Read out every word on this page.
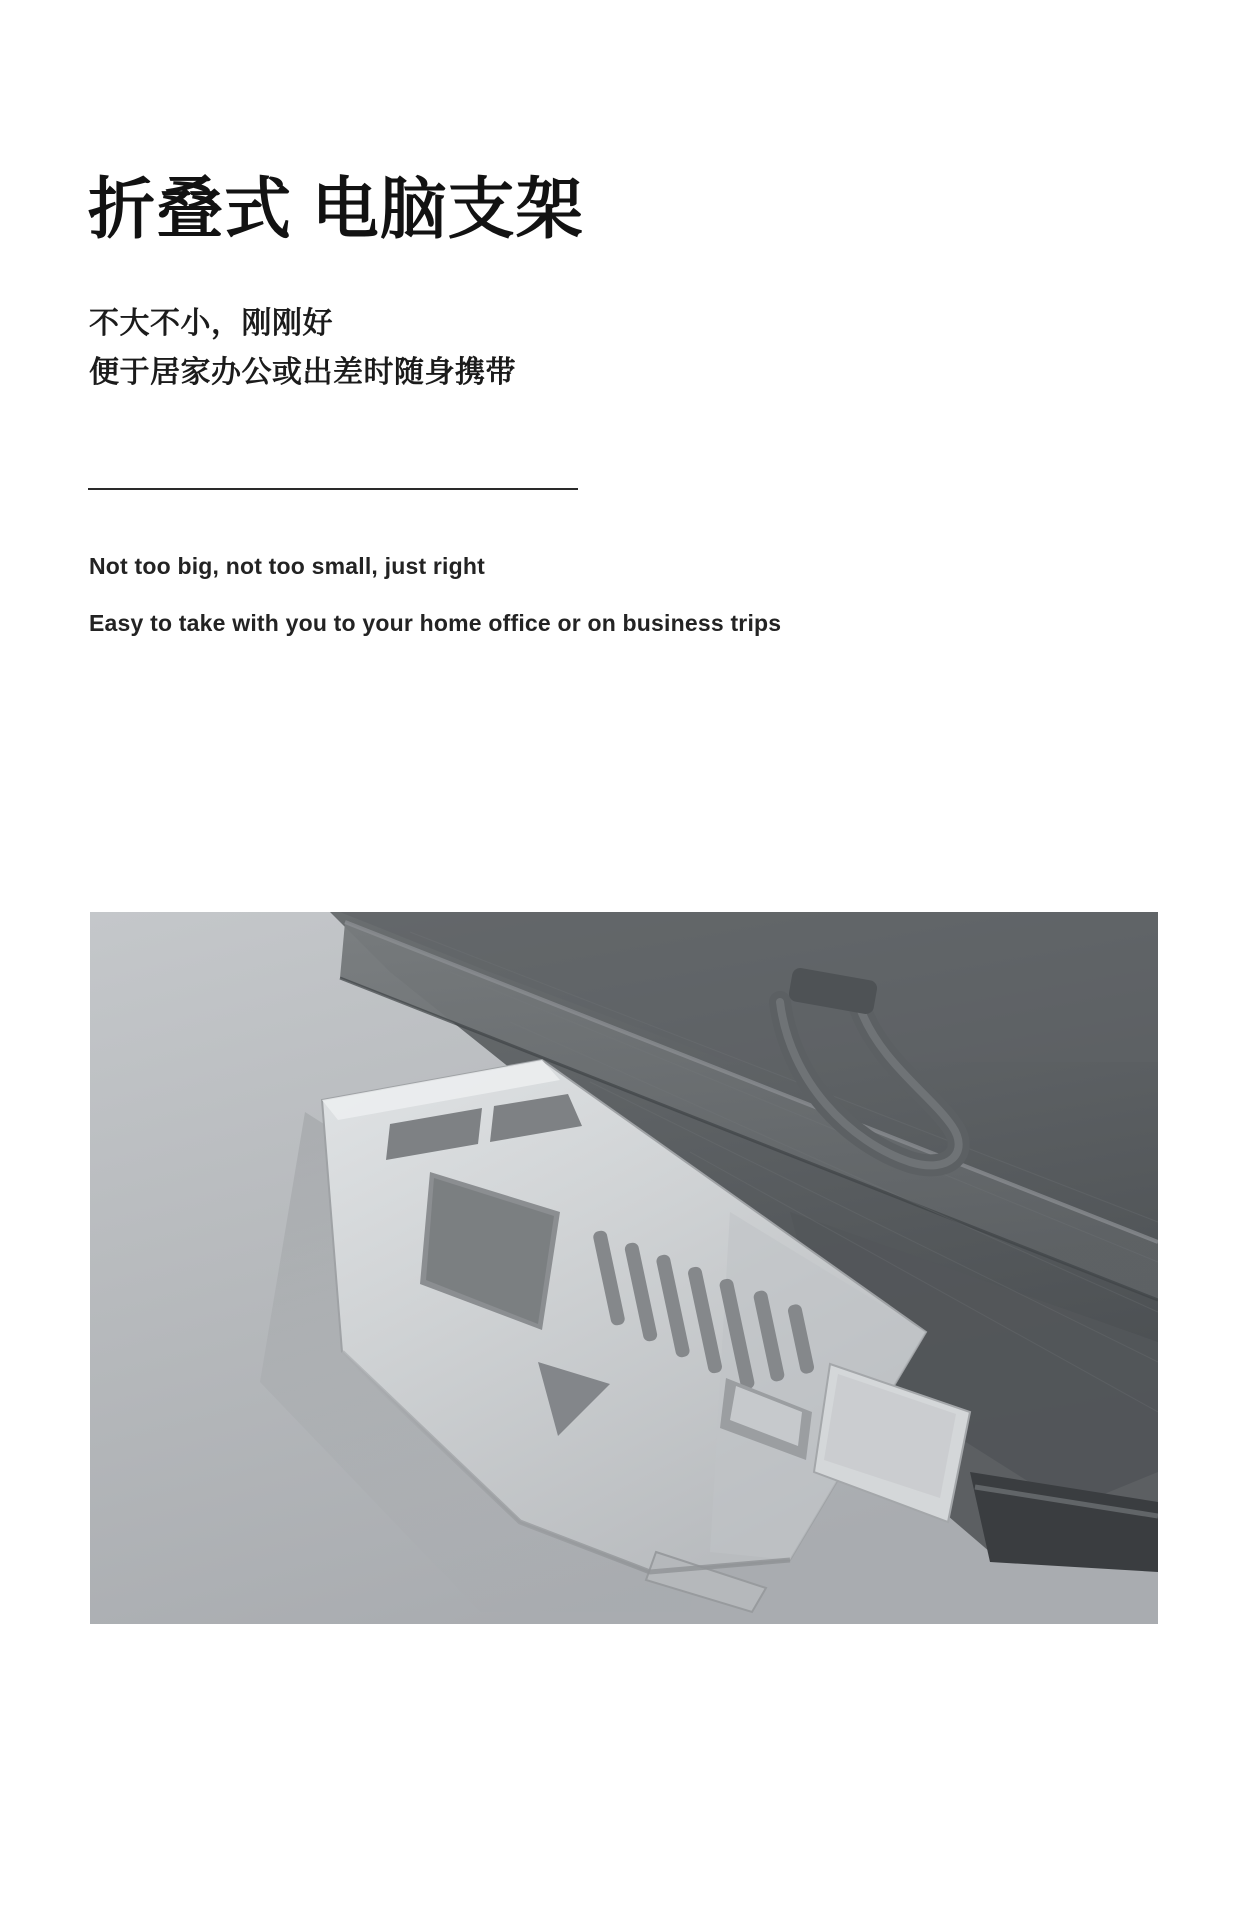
折叠式 电脑支架
不大不小，刚刚好
便于居家办公或出差时随身携带
Not too big, not too small, just right
Easy to take with you to your home office or on business trips
